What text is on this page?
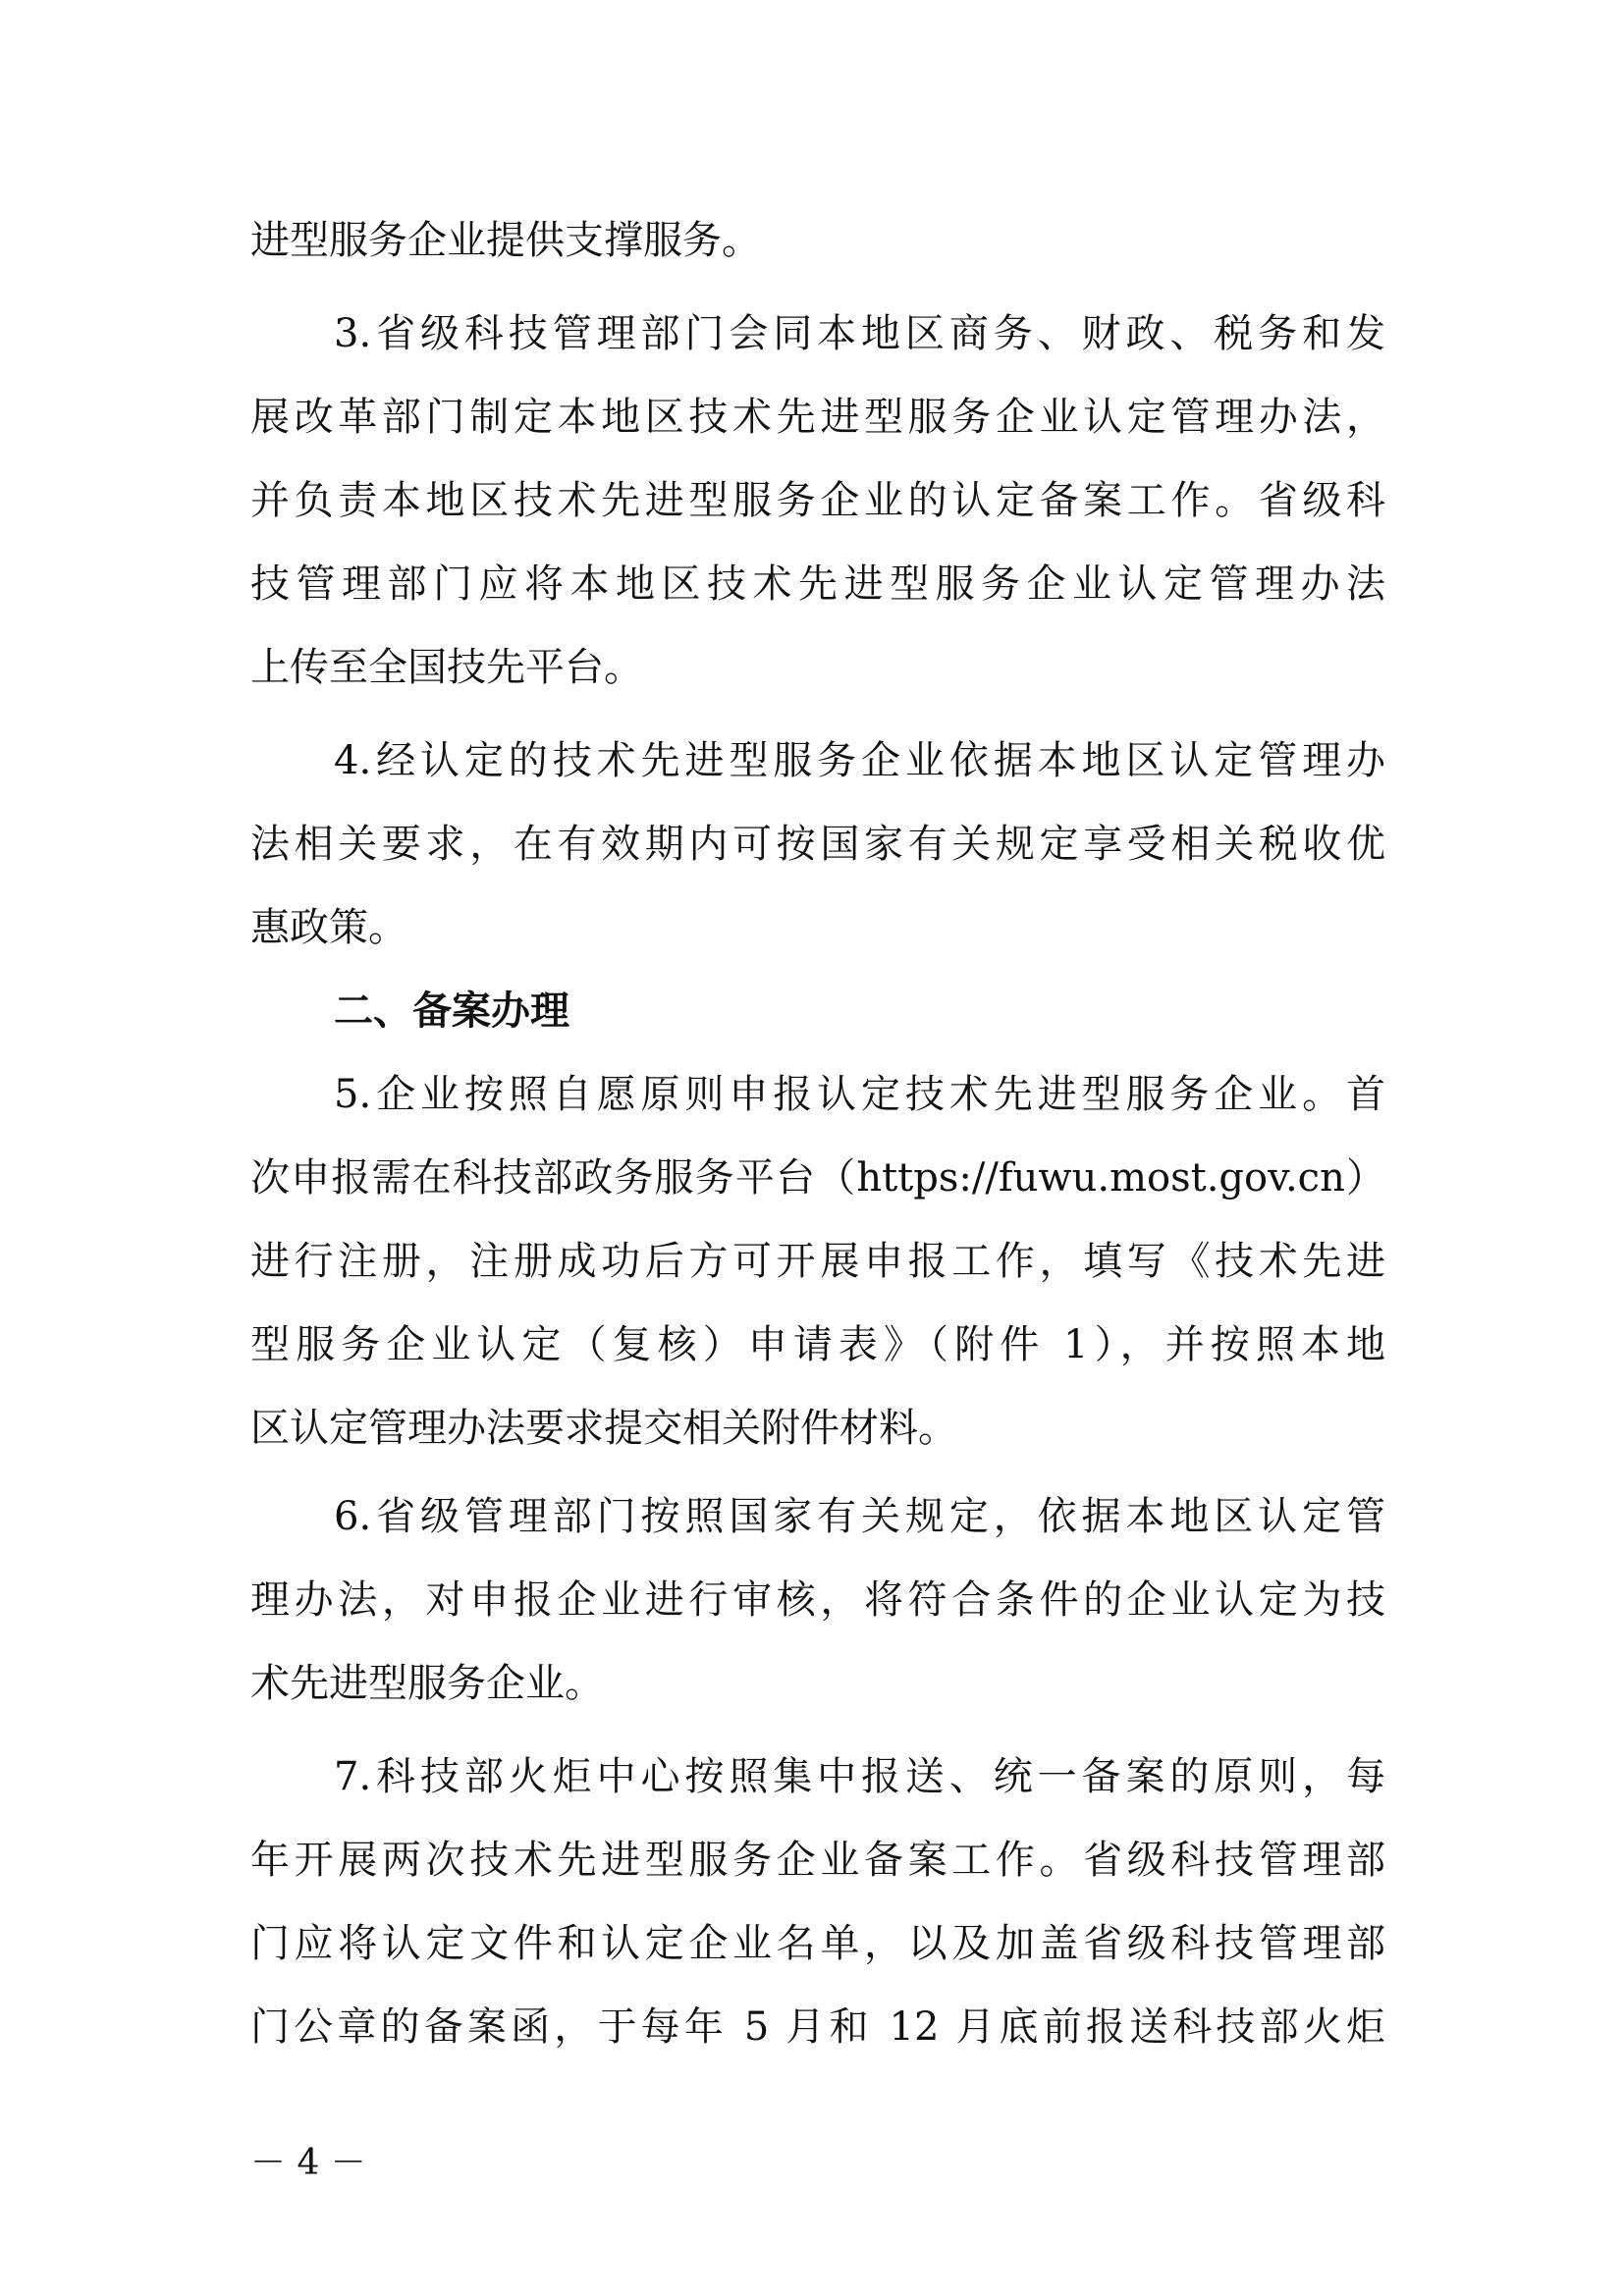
进型服务企业提供支撑服务。
3.省级科技管理部门会同本地区商务、财政、税务和发
展改革部门制定本地区技术先进型服务企业认定管理办法，
并负责本地区技术先进型服务企业的认定备案工作。省级科
技管理部门应将本地区技术先进型服务企业认定管理办法
上传至全国技先平台。
4.经认定的技术先进型服务企业依据本地区认定管理办
法相关要求，在有效期内可按国家有关规定享受相关税收优
惠政策。
二、备案办理
5.企业按照自愿原则申报认定技术先进型服务企业。首
次申报需在科技部政务服务平台（https://fuwu.most.gov.cn）
进行注册，注册成功后方可开展申报工作，填写《技术先进
型服务企业认定（复核）申请表》（附件 1），并按照本地
区认定管理办法要求提交相关附件材料。
6.省级管理部门按照国家有关规定，依据本地区认定管
理办法，对申报企业进行审核，将符合条件的企业认定为技
术先进型服务企业。
7.科技部火炬中心按照集中报送、统一备案的原则，每
年开展两次技术先进型服务企业备案工作。省级科技管理部
门应将认定文件和认定企业名单，以及加盖省级科技管理部
门公章的备案函，于每年 5 月和 12 月底前报送科技部火炬
－ 4 －
